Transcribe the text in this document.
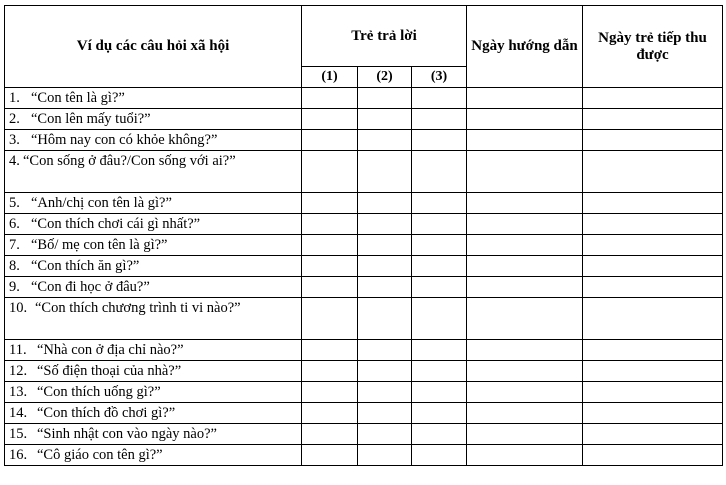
Ví dụ các câu hỏi xã hội	Trẻ trả lời			Ngày hướng dẫn	Ngày trẻ tiếp thu được
	(1)	(2)	(3)		
1. “Con tên là gì?”					
2. “Con lên mấy tuổi?”					
3. “Hôm nay con có khỏe không?”					
4. “Con sống ở đâu?/Con sống với ai?”					
5. “Anh/chị con tên là gì?”					
6. “Con thích chơi cái gì nhất?”					
7. “Bố/ mẹ con tên là gì?”					
8. “Con thích ăn gì?”					
9. “Con đi học ở đâu?”					
10. “Con thích chương trình ti vi nào?”					
11. “Nhà con ở địa chỉ nào?”					
12. “Số điện thoại của nhà?”					
13. “Con thích uống gì?”					
14. “Con thích đồ chơi gì?”					
15. “Sinh nhật con vào ngày nào?”					
16. “Cô giáo con tên gì?”					
